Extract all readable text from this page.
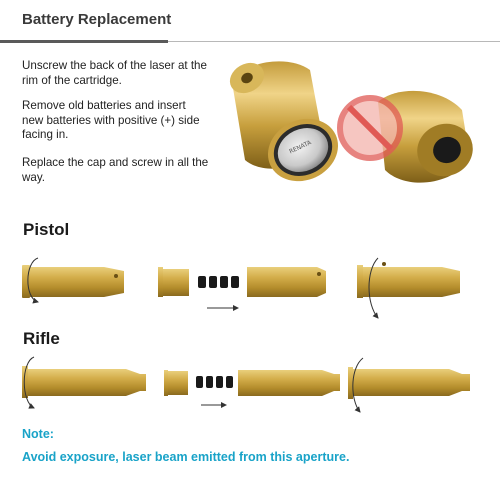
Battery Replacement
Unscrew the back of the laser at the rim of the cartridge.
Remove old batteries and insert new batteries with positive (+) side facing in.
Replace the cap and screw in all the way.
RENATA
Pistol
Rifle
Note:
Avoid exposure, laser beam emitted from this aperture.
